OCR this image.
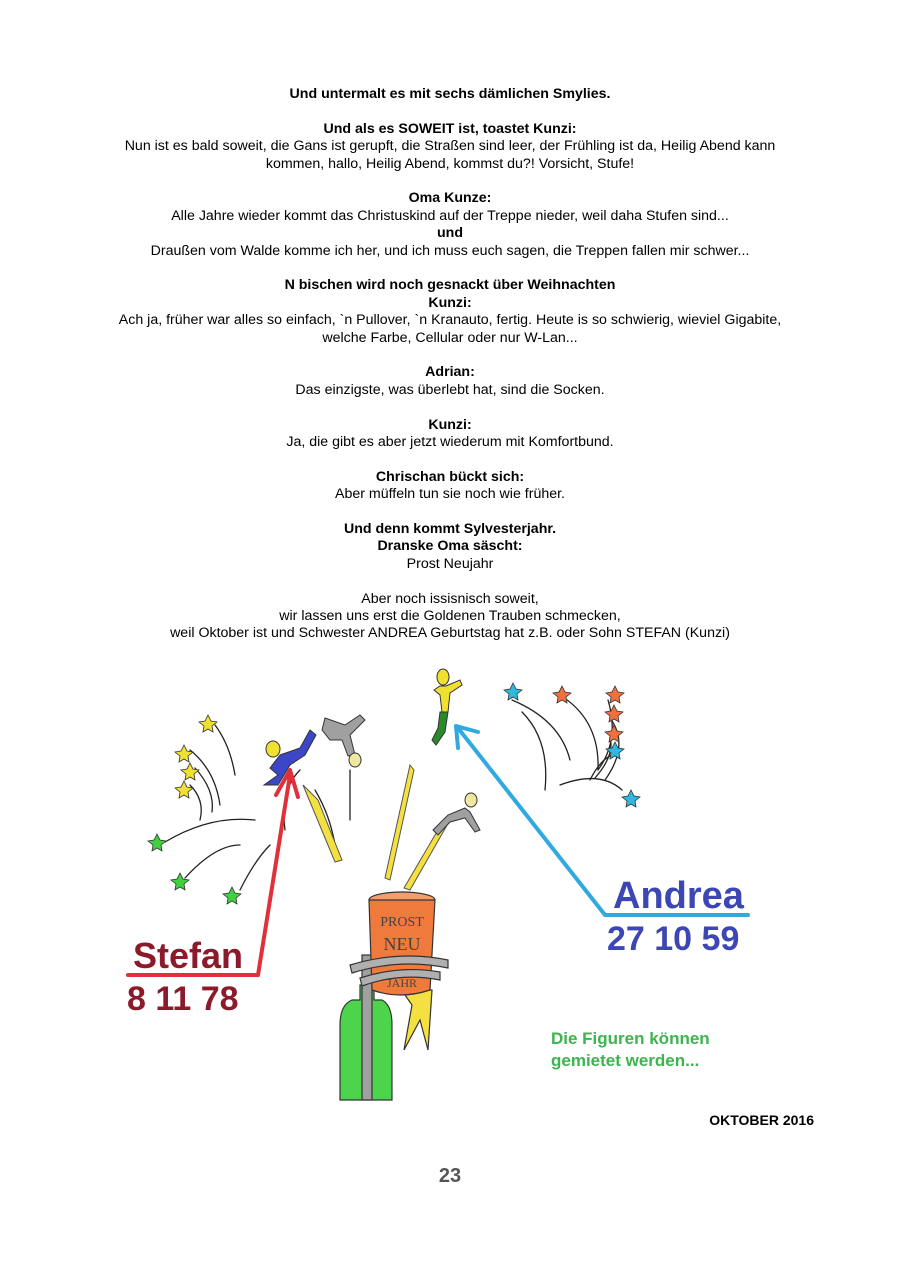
Und untermalt es mit sechs dämlichen Smylies.

Und als es SOWEIT ist, toastet Kunzi:
Nun ist es bald soweit, die Gans ist gerupft, die Straßen sind leer, der Frühling ist da, Heilig Abend kann
kommen, hallo, Heilig Abend, kommst du?! Vorsicht, Stufe!

Oma Kunze:
Alle Jahre wieder kommt das Christuskind auf der Treppe nieder, weil daha Stufen sind...
und
Draußen vom Walde komme ich her, und ich muss euch sagen, die Treppen fallen mir schwer...

N bischen wird noch gesnackt über Weihnachten
Kunzi:
Ach ja, früher war alles so einfach, `n Pullover, `n Kranauto, fertig. Heute is so schwierig, wieviel Gigabite,
welche Farbe, Cellular oder nur W-Lan...

Adrian:
Das einzigste, was überlebt hat, sind die Socken.

Kunzi:
Ja, die gibt es aber jetzt wiederum mit Komfortbund.

Chrischan bückt sich:
Aber müffeln tun sie noch wie früher.

Und denn kommt Sylvesterjahr.
Dranske Oma säscht:
Prost Neujahr

Aber noch issisnisch soweit,
wir lassen uns erst die Goldenen Trauben schmecken,
weil Oktober ist und Schwester ANDREA Geburtstag hat z.B. oder Sohn STEFAN (Kunzi)

PROST
NEU
JAHR

Stefan

8 11 78

Andrea

27 10 59

Die Figuren können
gemietet werden...

OKTOBER 2016

23
